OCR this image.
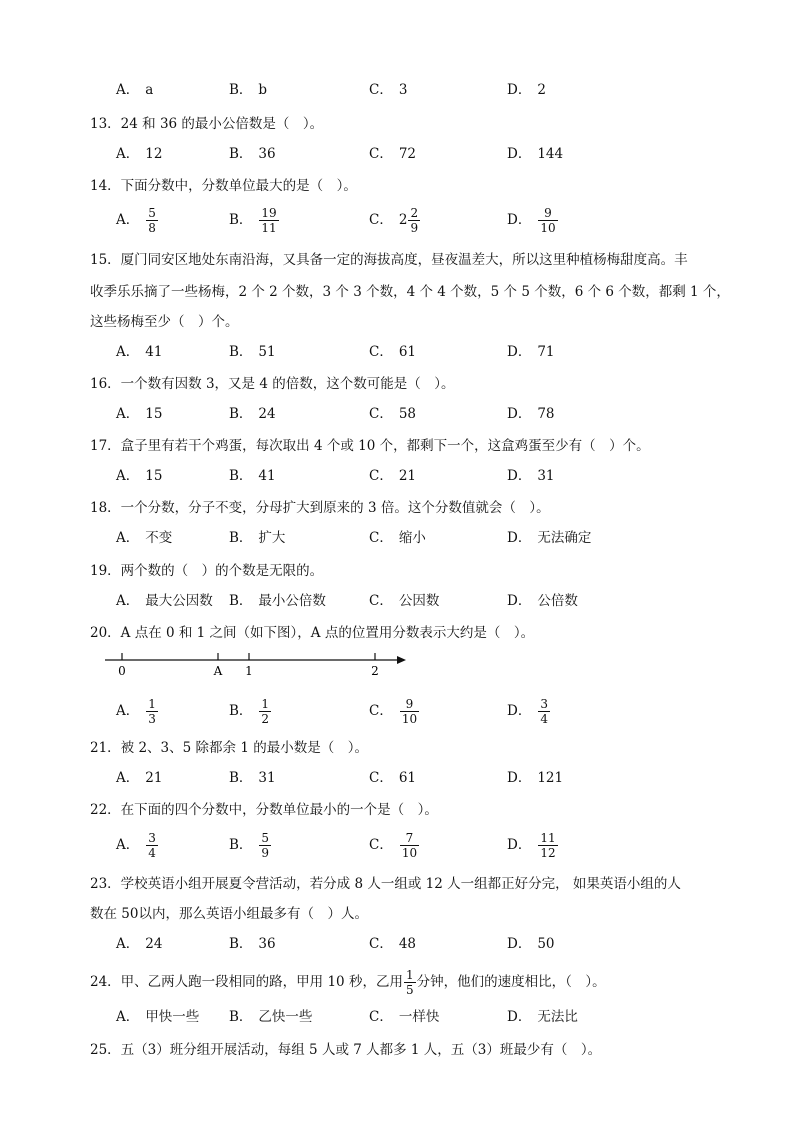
A． a	B． b	C． 3	D． 2
13．24 和 36 的最小公倍数是（　）。
A． 12	B． 36	C． 72	D． 144
14．下面分数中，分数单位最大的是（　）。
A． $\frac{5}{8}$	B． $\frac{19}{11}$	C． $2 \frac{2}{9}$	D． $\frac{9}{10}$
15．厦门同安区地处东南沿海，又具备一定的海拔高度，昼夜温差大，所以这里种植杨梅甜度高。丰
收季乐乐摘了一些杨梅，2 个 2 个数，3 个 3 个数，4 个 4 个数，5 个 5 个数，6 个 6 个数，都剩 1 个，
这些杨梅至少（　）个。
A． 41	B． 51	C． 61	D． 71
16．一个数有因数 3，又是 4 的倍数，这个数可能是（　）。
A． 15	B． 24	C． 58	D． 78
17．盒子里有若干个鸡蛋，每次取出 4 个或 10 个，都剩下一个，这盒鸡蛋至少有（　）个。
A． 15	B． 41	C． 21	D． 31
18．一个分数，分子不变，分母扩大到原来的 3 倍。这个分数值就会（　）。
A． 不变	B． 扩大	C． 缩小	D． 无法确定
19．两个数的（　）的个数是无限的。
A． 最大公因数 B． 最小公倍数	C． 公因数	D． 公倍数
20．A 点在 0 和 1 之间（如下图），A 点的位置用分数表示大约是（　）。
0	A 1	2
A． $\frac{1}{3}$	B． $\frac{1}{2}$	C． $\frac{9}{10}$	D． $\frac{3}{4}$
21．被 2、3、5 除都余 1 的最小数是（　）。
A． 21	B． 31	C． 61	D． 121
22．在下面的四个分数中，分数单位最小的一个是（　）。
A． $\frac{3}{4}$	B． $\frac{5}{9}$	C． $\frac{7}{10}$	D． $\frac{11}{12}$
23．学校英语小组开展夏令营活动，若分成 8 人一组或 12 人一组都正好分完， 如果英语小组的人
数在 50以内，那么英语小组最多有（　）人。
A． 24	B． 36	C． 48	D． 50
24．甲、乙两人跑一段相同的路，甲用 10 秒，乙用 $\frac{1}{5}$ 分钟，他们的速度相比，（　）。
A． 甲快一些 B． 乙快一些	C． 一样快	D． 无法比
25．五（3）班分组开展活动，每组 5 人或 7 人都多 1 人，五（3）班最少有（　）。
